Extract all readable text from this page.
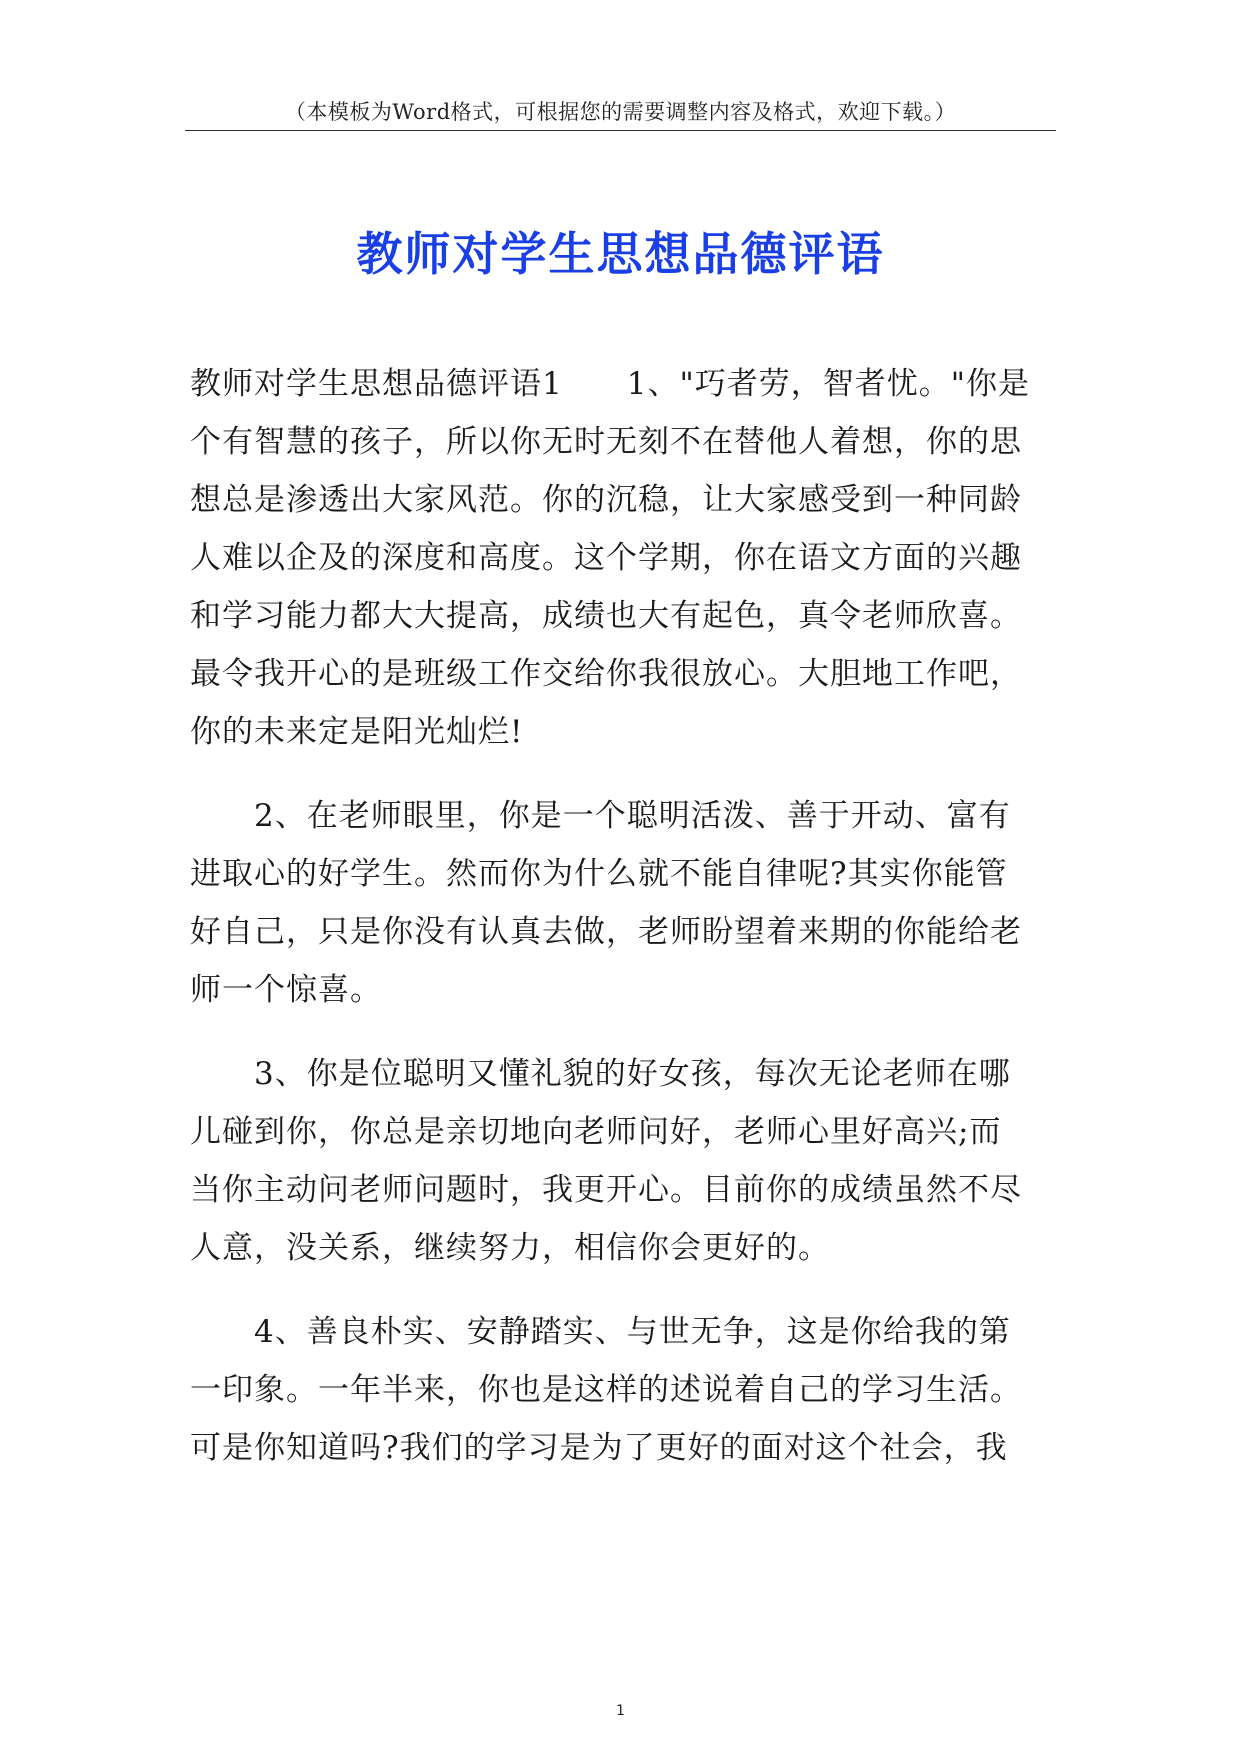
（本模板为Word格式，可根据您的需要调整内容及格式，欢迎下载。）
教师对学生思想品德评语
教师对学生思想品德评语1　　1、"巧者劳，智者忧。"你是
个有智慧的孩子，所以你无时无刻不在替他人着想，你的思
想总是渗透出大家风范。你的沉稳，让大家感受到一种同龄
人难以企及的深度和高度。这个学期，你在语文方面的兴趣
和学习能力都大大提高，成绩也大有起色，真令老师欣喜。
最令我开心的是班级工作交给你我很放心。大胆地工作吧，
你的未来定是阳光灿烂!
2、在老师眼里，你是一个聪明活泼、善于开动、富有
进取心的好学生。然而你为什么就不能自律呢?其实你能管
好自己，只是你没有认真去做，老师盼望着来期的你能给老
师一个惊喜。
3、你是位聪明又懂礼貌的好女孩，每次无论老师在哪
儿碰到你，你总是亲切地向老师问好，老师心里好高兴;而
当你主动问老师问题时，我更开心。目前你的成绩虽然不尽
人意，没关系，继续努力，相信你会更好的。
4、善良朴实、安静踏实、与世无争，这是你给我的第
一印象。一年半来，你也是这样的述说着自己的学习生活。
可是你知道吗?我们的学习是为了更好的面对这个社会，我
1
